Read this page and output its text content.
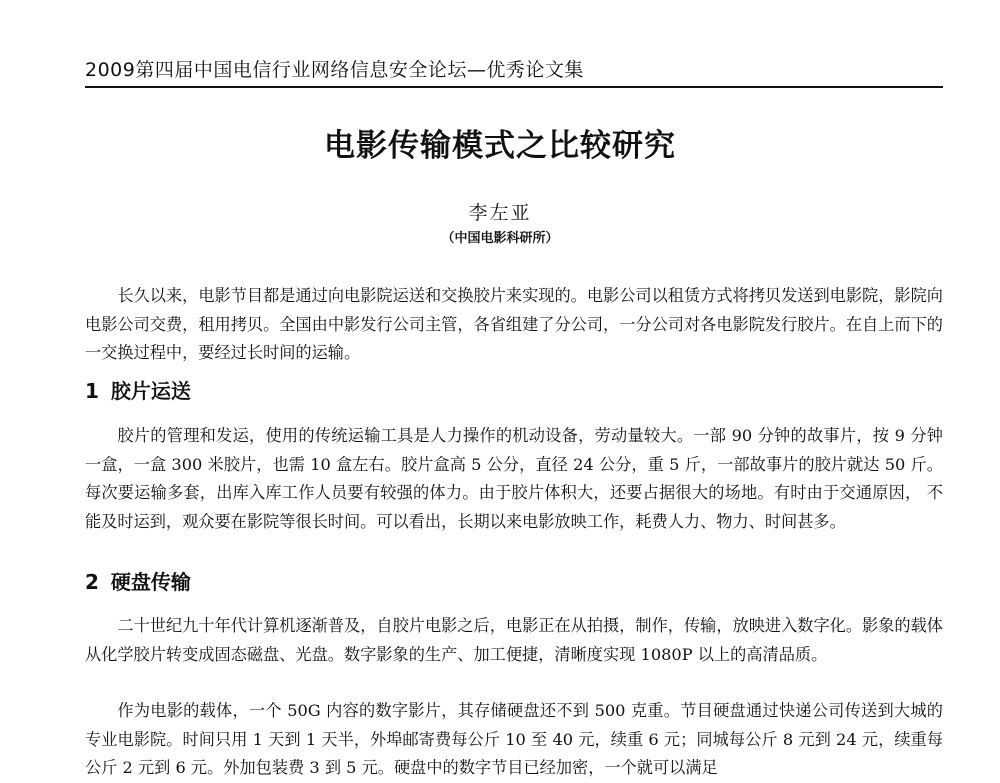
2009第四届中国电信行业网络信息安全论坛—优秀论文集
电影传输模式之比较研究
李左亚
（中国电影科研所）

长久以来，电影节目都是通过向电影院运送和交换胶片来实现的。电影公司以租赁方式将拷贝发送到电影院，影院向电影公司交费，租用拷贝。全国由中影发行公司主管，各省组建了分公司，一分公司对各电影院发行胶片。在自上而下的一交换过程中，要经过长时间的运输。

1 胶片运送

胶片的管理和发运，使用的传统运输工具是人力操作的机动设备，劳动量较大。一部 90 分钟的故事片，按 9 分钟一盒，一盒 300 米胶片，也需 10 盒左右。胶片盒高 5 公分，直径 24 公分，重 5 斤，一部故事片的胶片就达 50 斤。每次要运输多套，出库入库工作人员要有较强的体力。由于胶片体积大，还要占据很大的场地。有时由于交通原因， 不能及时运到，观众要在影院等很长时间。可以看出，长期以来电影放映工作，耗费人力、物力、时间甚多。

2 硬盘传输

二十世纪九十年代计算机逐渐普及，自胶片电影之后，电影正在从拍摄，制作，传输，放映进入数字化。影象的载体从化学胶片转变成固态磁盘、光盘。数字影象的生产、加工便捷，清晰度实现 1080P 以上的高清品质。

作为电影的载体，一个 50G 内容的数字影片，其存储硬盘还不到 500 克重。节目硬盘通过快递公司传送到大城的专业电影院。时间只用 1 天到 1 天半，外埠邮寄费每公斤 10 至 40 元，续重 6 元；同城每公斤 8 元到 24 元，续重每公斤 2 元到 6 元。外加包装费 3 到 5 元。硬盘中的数字节目已经加密，一个就可以满足
